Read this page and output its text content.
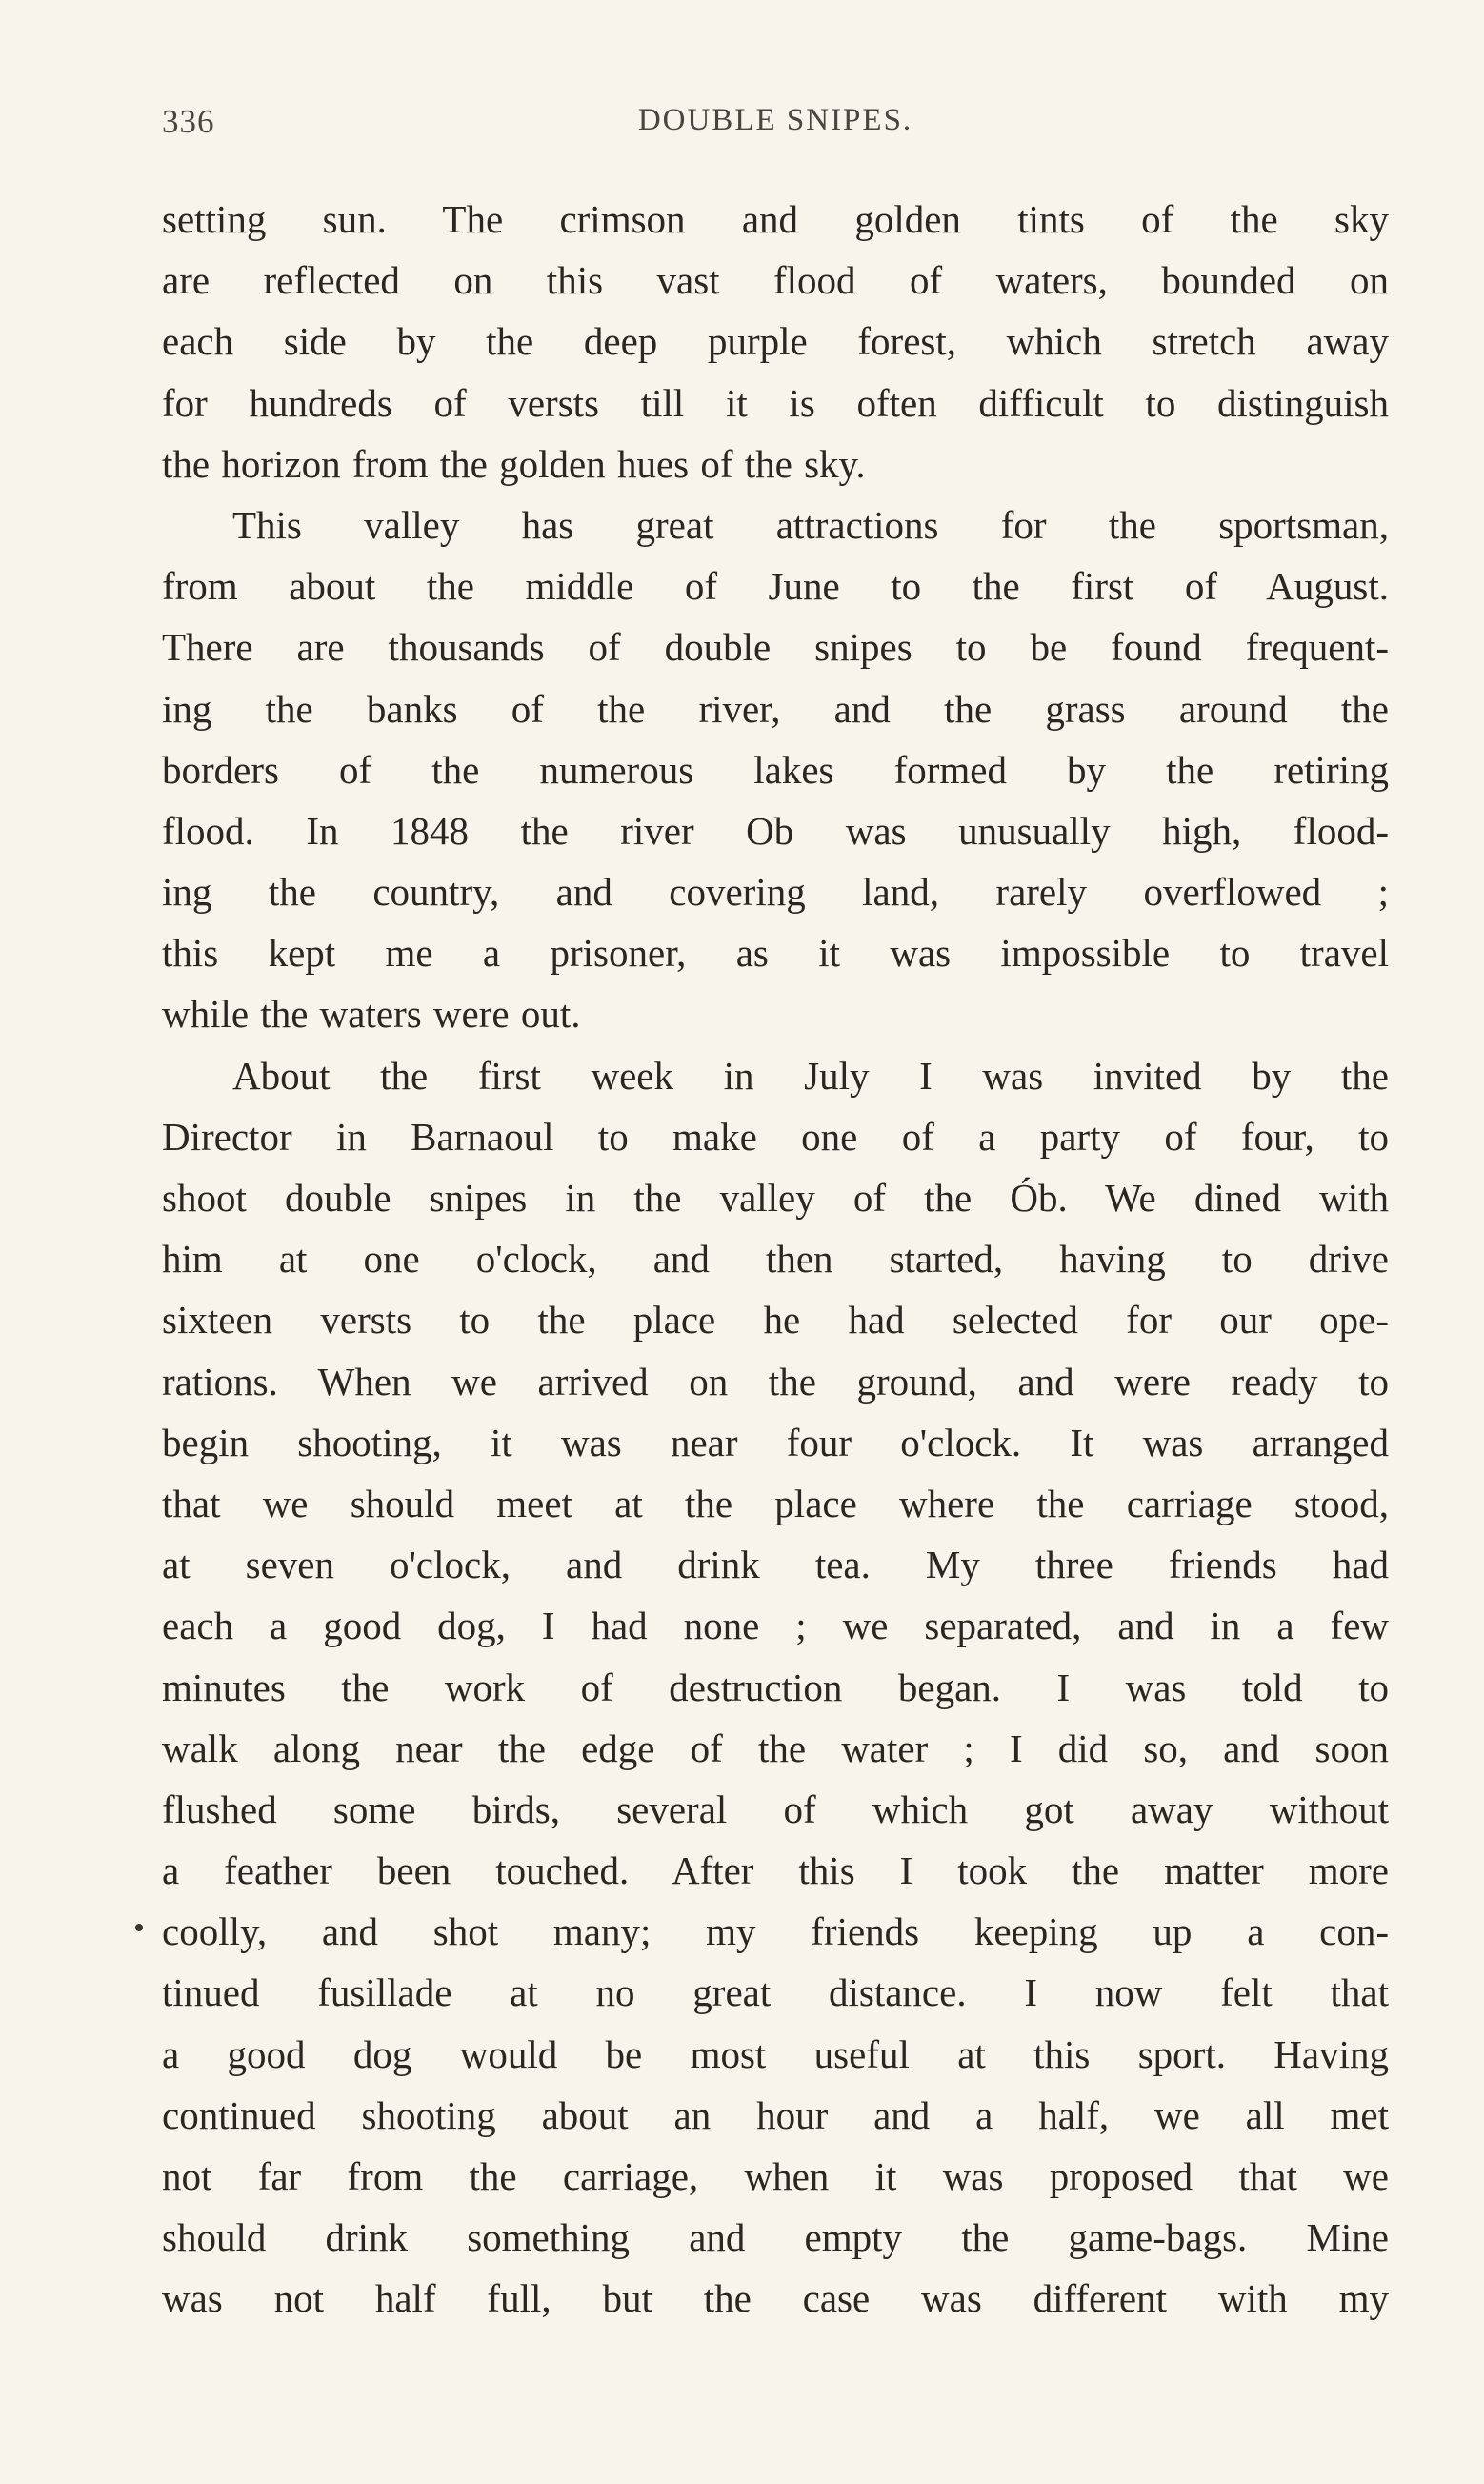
336	DOUBLE SNIPES.
setting sun. The crimson and golden tints of the sky
are reflected on this vast flood of waters, bounded on
each side by the deep purple forest, which stretch away
for hundreds of versts till it is often difficult to distinguish
the horizon from the golden hues of the sky.
This valley has great attractions for the sportsman,
from about the middle of June to the first of August.
There are thousands of double snipes to be found frequent-
ing the banks of the river, and the grass around the
borders of the numerous lakes formed by the retiring
flood. In 1848 the river Ob was unusually high, flood-
ing the country, and covering land, rarely overflowed ;
this kept me a prisoner, as it was impossible to travel
while the waters were out.
About the first week in July I was invited by the
Director in Barnaoul to make one of a party of four, to
shoot double snipes in the valley of the Ób. We dined with
him at one o'clock, and then started, having to drive
sixteen versts to the place he had selected for our ope-
rations. When we arrived on the ground, and were ready to
begin shooting, it was near four o'clock. It was arranged
that we should meet at the place where the carriage stood,
at seven o'clock, and drink tea. My three friends had
each a good dog, I had none ; we separated, and in a few
minutes the work of destruction began. I was told to
walk along near the edge of the water ; I did so, and soon
flushed some birds, several of which got away without
a feather been touched. After this I took the matter more
coolly, and shot many; my friends keeping up a con-
tinued fusillade at no great distance. I now felt that
a good dog would be most useful at this sport. Having
continued shooting about an hour and a half, we all met
not far from the carriage, when it was proposed that we
should drink something and empty the game-bags. Mine
was not half full, but the case was different with my
